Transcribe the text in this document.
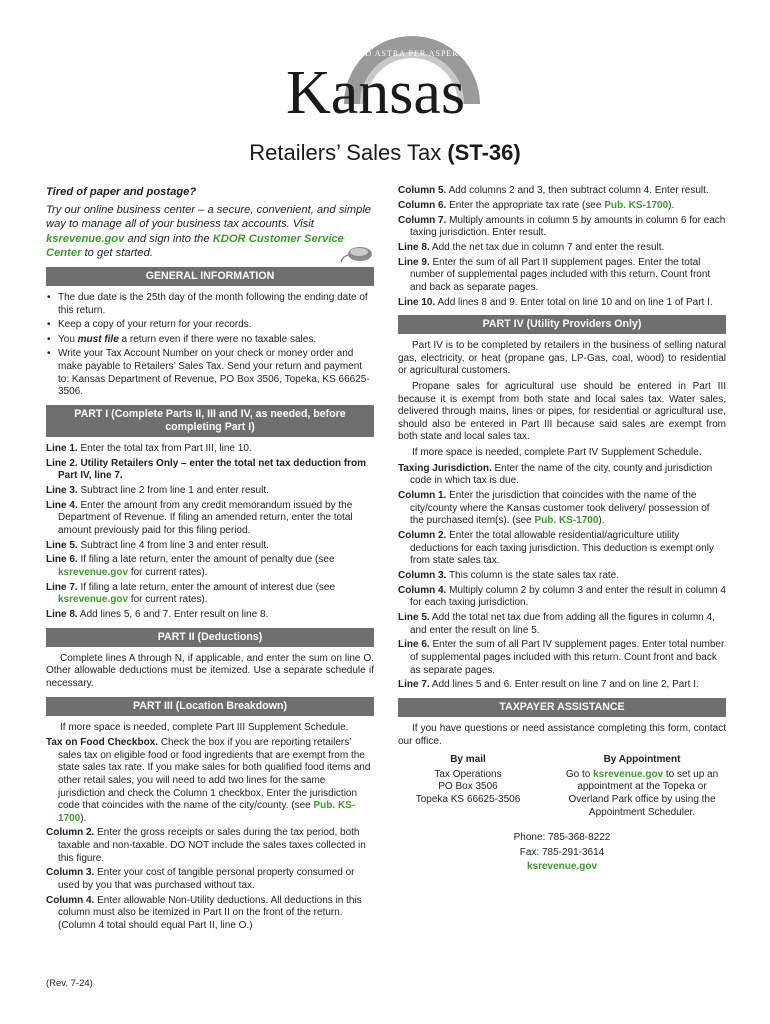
AD ASTRA PER ASPERA
Kansas
Retailers’ Sales Tax (ST-36)
Tired of paper and postage?
Try our online business center – a secure, convenient, and simple way to manage all of your business tax accounts. Visit ksrevenue.gov and sign into the KDOR Customer Service Center to get started.
GENERAL INFORMATION
• The due date is the 25th day of the month following the ending date of this return.
• Keep a copy of your return for your records.
• You must file a return even if there were no taxable sales.
• Write your Tax Account Number on your check or money order and make payable to Retailers’ Sales Tax. Send your return and payment to: Kansas Department of Revenue, PO Box 3506, Topeka, KS 66625-3506.
PART I (Complete Parts II, III and IV, as needed, before completing Part I)
Line 1. Enter the total tax from Part III, line 10.
Line 2. Utility Retailers Only – enter the total net tax deduction from Part IV, line 7.
Line 3. Subtract line 2 from line 1 and enter result.
Line 4. Enter the amount from any credit memorandum issued by the Department of Revenue. If filing an amended return, enter the total amount previously paid for this filing period.
Line 5. Subtract line 4 from line 3 and enter result.
Line 6. If filing a late return, enter the amount of penalty due (see ksrevenue.gov for current rates).
Line 7. If filing a late return, enter the amount of interest due (see ksrevenue.gov for current rates).
Line 8. Add lines 5, 6 and 7. Enter result on line 8.
PART II (Deductions)
Complete lines A through N, if applicable, and enter the sum on line O. Other allowable deductions must be itemized. Use a separate schedule if necessary.
PART III (Location Breakdown)
If more space is needed, complete Part III Supplement Schedule.
Tax on Food Checkbox. Check the box if you are reporting retailers’ sales tax on eligible food or food ingredients that are exempt from the state sales tax rate. If you make sales for both qualified food items and other retail sales, you will need to add two lines for the same jurisdiction and check the Column 1 checkbox. Enter the jurisdiction code that coincides with the name of the city/county. (see Pub. KS-1700).
Column 2. Enter the gross receipts or sales during the tax period, both taxable and non-taxable. DO NOT include the sales taxes collected in this figure.
Column 3. Enter your cost of tangible personal property consumed or used by you that was purchased without tax.
Column 4. Enter allowable Non-Utility deductions. All deductions in this column must also be itemized in Part II on the front of the return. (Column 4 total should equal Part II, line O.)
Column 5. Add columns 2 and 3, then subtract column 4. Enter result.
Column 6. Enter the appropriate tax rate (see Pub. KS-1700).
Column 7. Multiply amounts in column 5 by amounts in column 6 for each taxing jurisdiction. Enter result.
Line 8. Add the net tax due in column 7 and enter the result.
Line 9. Enter the sum of all Part II supplement pages. Enter the total number of supplemental pages included with this return. Count front and back as separate pages.
Line 10. Add lines 8 and 9. Enter total on line 10 and on line 1 of Part I.
PART IV (Utility Providers Only)
Part IV is to be completed by retailers in the business of selling natural gas, electricity, or heat (propane gas, LP-Gas, coal, wood) to residential or agricultural customers.
Propane sales for agricultural use should be entered in Part III because it is exempt from both state and local sales tax. Water sales, delivered through mains, lines or pipes, for residential or agricultural use, should also be entered in Part III because said sales are exempt from both state and local sales tax.
If more space is needed, complete Part IV Supplement Schedule.
Taxing Jurisdiction. Enter the name of the city, county and jurisdiction code in which tax is due.
Column 1. Enter the jurisdiction that coincides with the name of the city/county where the Kansas customer took delivery/ possession of the purchased item(s). (see Pub. KS-1700).
Column 2. Enter the total allowable residential/agriculture utility deductions for each taxing jurisdiction. This deduction is exempt only from state sales tax.
Column 3. This column is the state sales tax rate.
Column 4. Multiply column 2 by column 3 and enter the result in column 4 for each taxing jurisdiction.
Line 5. Add the total net tax due from adding all the figures in column 4, and enter the result on line 5.
Line 6. Enter the sum of all Part IV supplement pages. Enter total number of supplemental pages included with this return. Count front and back as separate pages.
Line 7. Add lines 5 and 6. Enter result on line 7 and on line 2, Part I.
TAXPAYER ASSISTANCE
If you have questions or need assistance completing this form, contact our office.
By mail
Tax Operations
PO Box 3506
Topeka KS 66625-3506
By Appointment
Go to ksrevenue.gov to set up an appointment at the Topeka or Overland Park office by using the Appointment Scheduler.
Phone: 785-368-8222
Fax: 785-291-3614
ksrevenue.gov
(Rev. 7-24)
